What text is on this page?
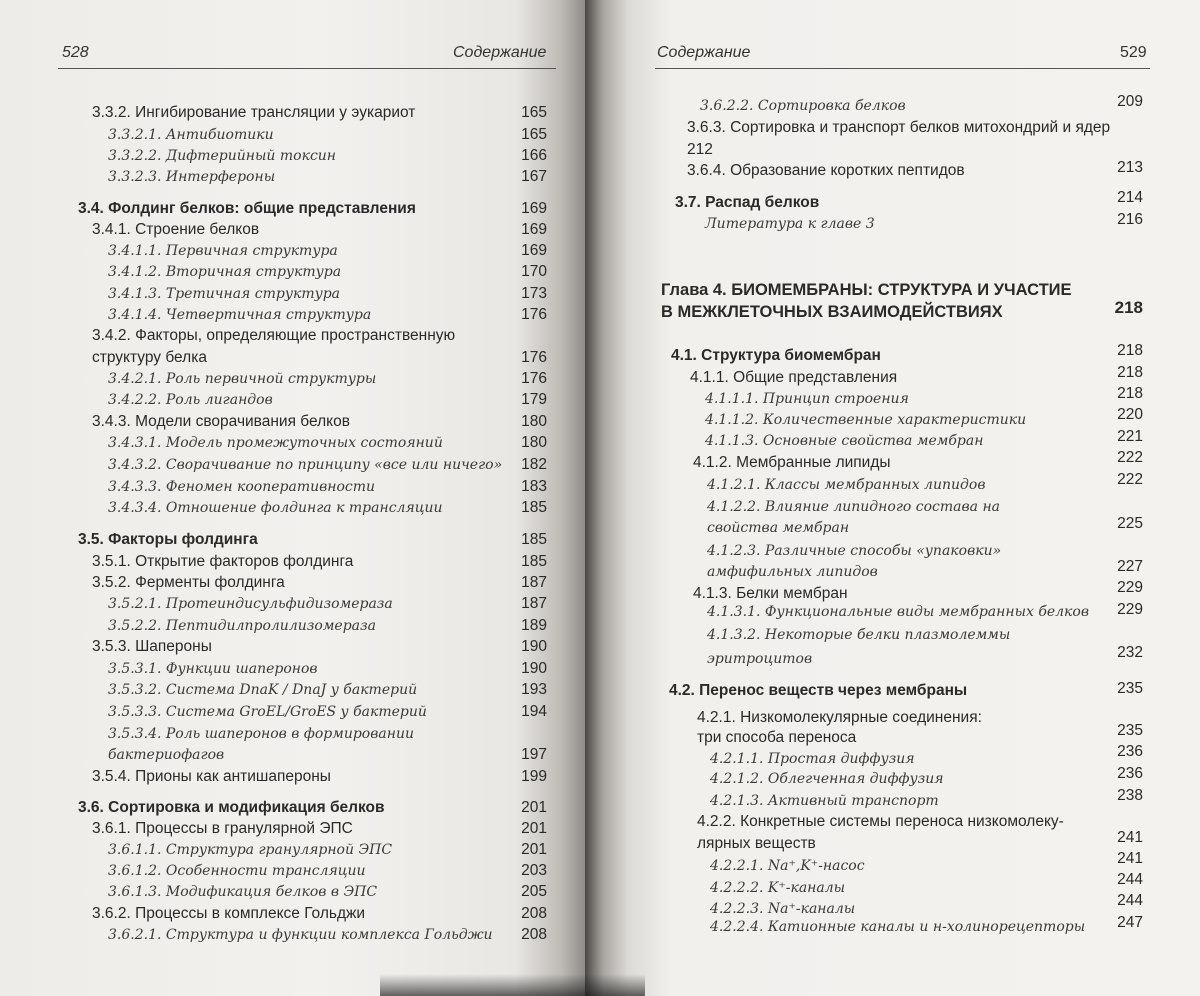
528	Содержание
3.3.2. Ингибирование трансляции у эукариот	165
3.3.2.1. Антибиотики	165
3.3.2.2. Дифтерийный токсин	166
3.3.2.3. Интерфероны	167
3.4. Фолдинг белков: общие представления	169
3.4.1. Строение белков	169
3.4.1.1. Первичная структура	169
3.4.1.2. Вторичная структура	170
3.4.1.3. Третичная структура	173
3.4.1.4. Четвертичная структура	176
3.4.2. Факторы, определяющие пространственную
структуру белка	176
3.4.2.1. Роль первичной структуры	176
3.4.2.2. Роль лигандов	179
3.4.3. Модели сворачивания белков	180
3.4.3.1. Модель промежуточных состояний	180
3.4.3.2. Сворачивание по принципу «все или ничего»	182
3.4.3.3. Феномен кооперативности	183
3.4.3.4. Отношение фолдинга к трансляции	185
3.5. Факторы фолдинга	185
3.5.1. Открытие факторов фолдинга	185
3.5.2. Ферменты фолдинга	187
3.5.2.1. Протеиндисульфидизомераза	187
3.5.2.2. Пептидилпролилизомераза	189
3.5.3. Шапероны	190
3.5.3.1. Функции шаперонов	190
3.5.3.2. Система DnaK / DnaJ у бактерий	193
3.5.3.3. Система GroEL/GroES у бактерий	194
3.5.3.4. Роль шаперонов в формировании
бактериофагов	197
3.5.4. Прионы как антишапероны	199
3.6. Сортировка и модификация белков	201
3.6.1. Процессы в гранулярной ЭПС	201
3.6.1.1. Структура гранулярной ЭПС	201
3.6.1.2. Особенности трансляции	203
3.6.1.3. Модификация белков в ЭПС	205
3.6.2. Процессы в комплексе Гольджи	208
3.6.2.1. Структура и функции комплекса Гольджи	208
Содержание	529
3.6.2.2. Сортировка белков	209
3.6.3. Сортировка и транспорт белков митохондрий и ядер
212
3.6.4. Образование коротких пептидов	213
3.7. Распад белков	214
Литература к главе 3	216
Глава 4. БИОМЕМБРАНЫ: СТРУКТУРА И УЧАСТИЕ
В МЕЖКЛЕТОЧНЫХ ВЗАИМОДЕЙСТВИЯХ	218
4.1. Структура биомембран	218
4.1.1. Общие представления	218
4.1.1.1. Принцип строения	218
4.1.1.2. Количественные характеристики	220
4.1.1.3. Основные свойства мембран	221
4.1.2. Мембранные липиды	222
4.1.2.1. Классы мембранных липидов	222
4.1.2.2. Влияние липидного состава на
свойства мембран	225
4.1.2.3. Различные способы «упаковки»
амфифильных липидов	227
4.1.3. Белки мембран	229
4.1.3.1. Функциональные виды мембранных белков	229
4.1.3.2. Некоторые белки плазмолеммы
эритроцитов	232
4.2. Перенос веществ через мембраны	235
4.2.1. Низкомолекулярные соединения:
три способа переноса	235
4.2.1.1. Простая диффузия	236
4.2.1.2. Облегченная диффузия	236
4.2.1.3. Активный транспорт	238
4.2.2. Конкретные системы переноса низкомолеку-
лярных веществ	241
4.2.2.1. Na⁺,K⁺-насос	241
4.2.2.2. K⁺-каналы	244
4.2.2.3. Na⁺-каналы	244
4.2.2.4. Катионные каналы и н-холинорецепторы	247
